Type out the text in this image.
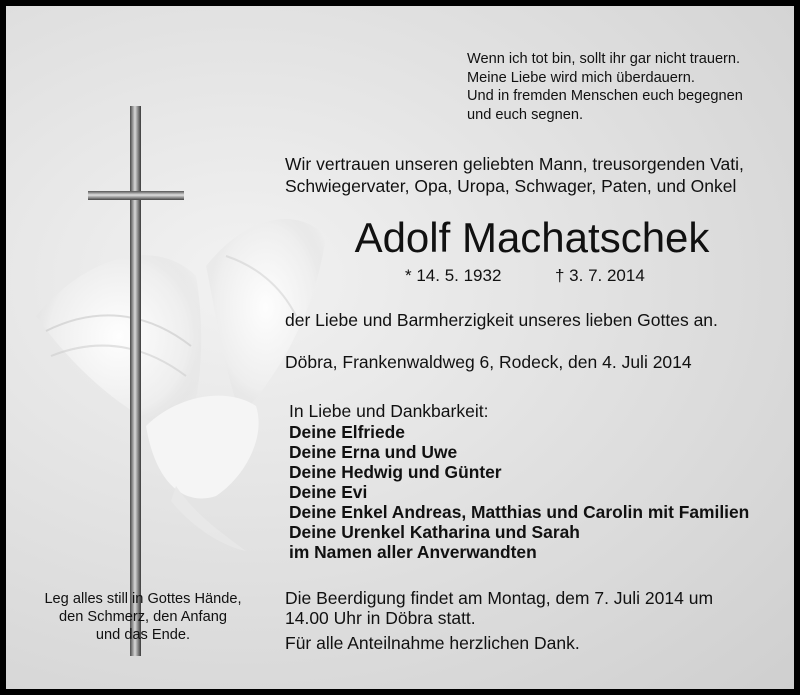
Wenn ich tot bin, sollt ihr gar nicht trauern.
Meine Liebe wird mich überdauern.
Und in fremden Menschen euch begegnen
und euch segnen.
Wir vertrauen unseren geliebten Mann, treusorgenden Vati,
Schwiegervater, Opa, Uropa, Schwager, Paten, und Onkel
Adolf Machatschek
* 14. 5. 1932	† 3. 7. 2014
der Liebe und Barmherzigkeit unseres lieben Gottes an.
Döbra, Frankenwaldweg 6, Rodeck, den 4. Juli 2014
In Liebe und Dankbarkeit:
Deine Elfriede
Deine Erna und Uwe
Deine Hedwig und Günter
Deine Evi
Deine Enkel Andreas, Matthias und Carolin mit Familien
Deine Urenkel Katharina und Sarah
im Namen aller Anverwandten
Leg alles still in Gottes Hände,
den Schmerz, den Anfang
und das Ende.
Die Beerdigung findet am Montag, dem 7. Juli 2014 um
14.00 Uhr in Döbra statt.
Für alle Anteilnahme herzlichen Dank.
